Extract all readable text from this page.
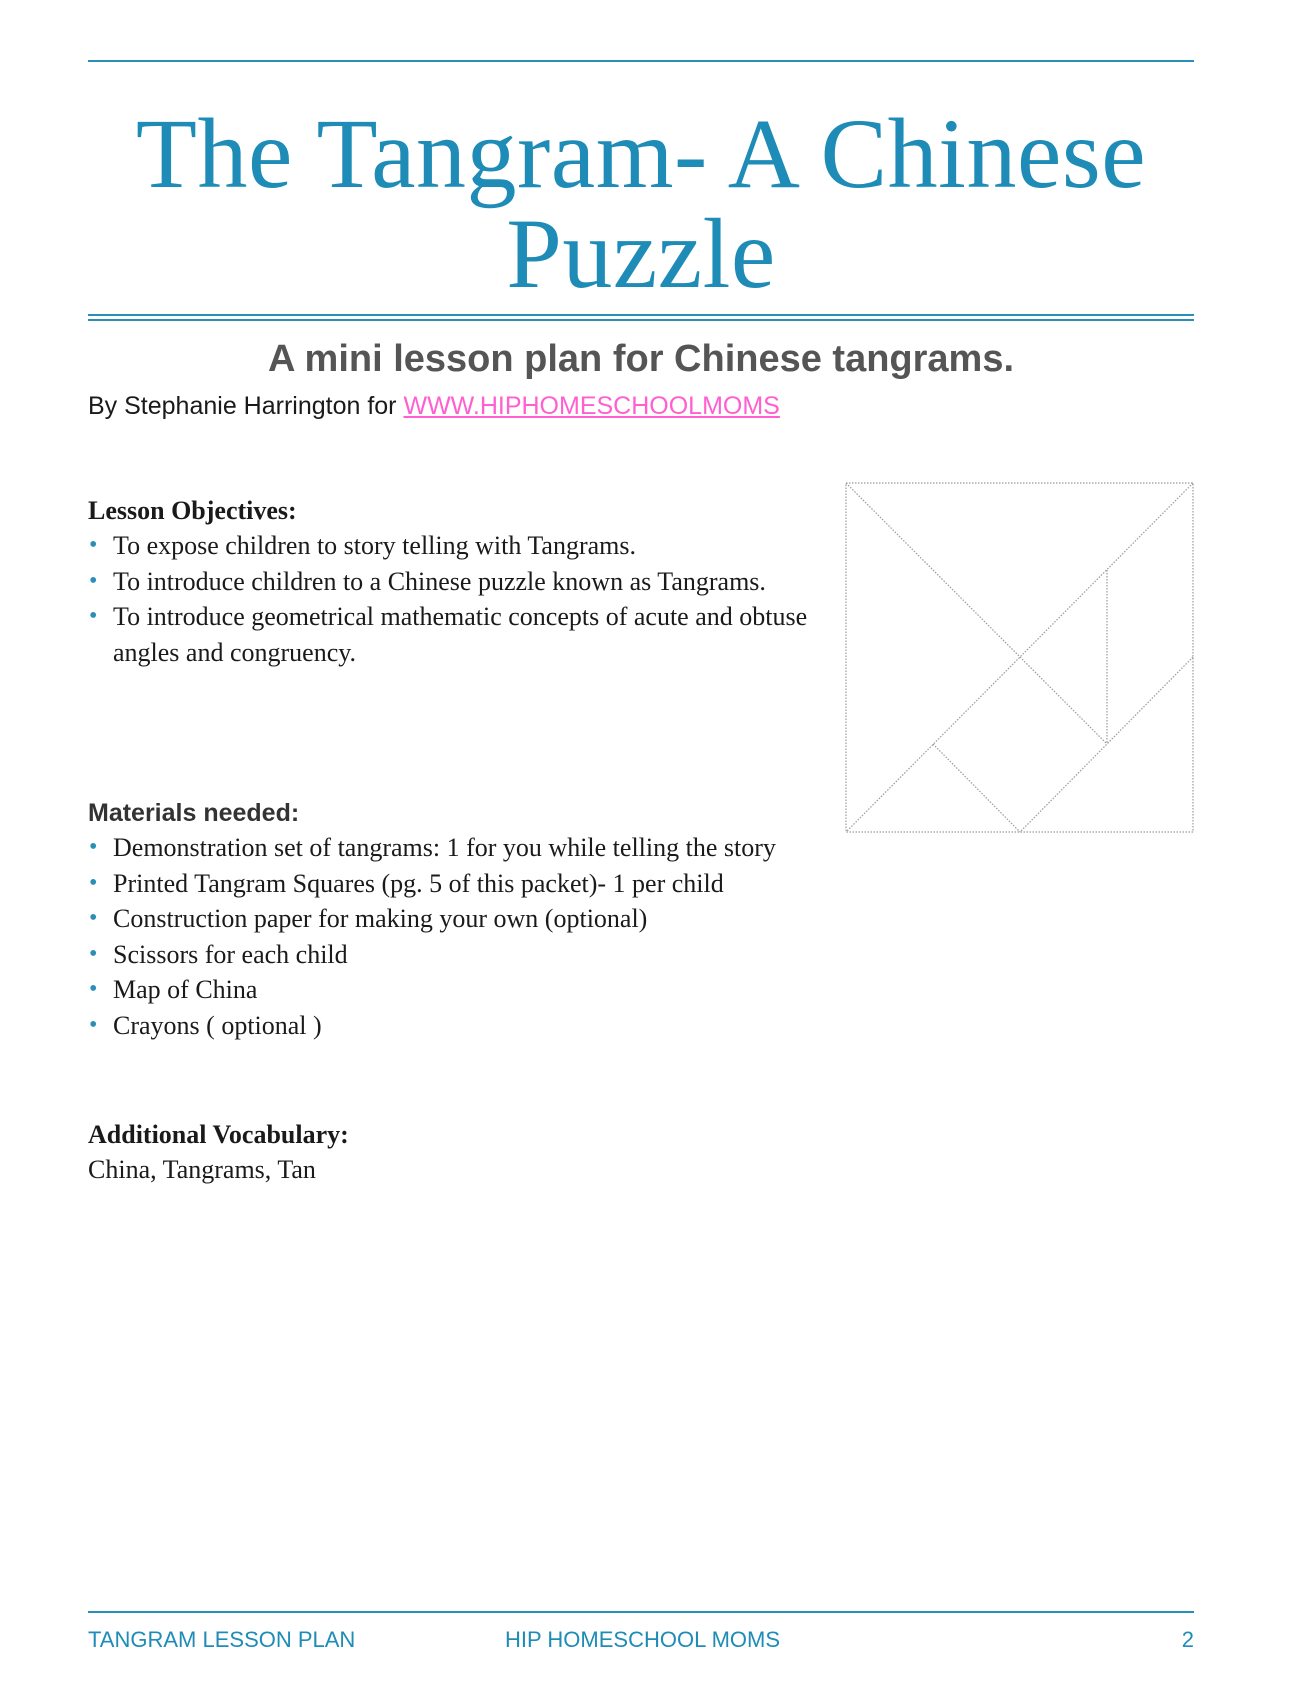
The Tangram- A Chinese Puzzle
A mini lesson plan for Chinese tangrams.
By Stephanie Harrington for WWW.HIPHOMESCHOOLMOMS
Lesson Objectives:
• To expose children to story telling with Tangrams.
• To introduce children to a Chinese puzzle known as Tangrams.
• To introduce geometrical mathematic concepts of acute and obtuse angles and congruency.
Materials needed:
• Demonstration set of tangrams: 1 for you while telling the story
• Printed Tangram Squares (pg. 5 of this packet)- 1 per child
• Construction paper for making your own (optional)
• Scissors for each child
• Map of China
• Crayons ( optional )
Additional Vocabulary:
China, Tangrams, Tan
TANGRAM LESSON PLAN	HIP HOMESCHOOL MOMS	2
